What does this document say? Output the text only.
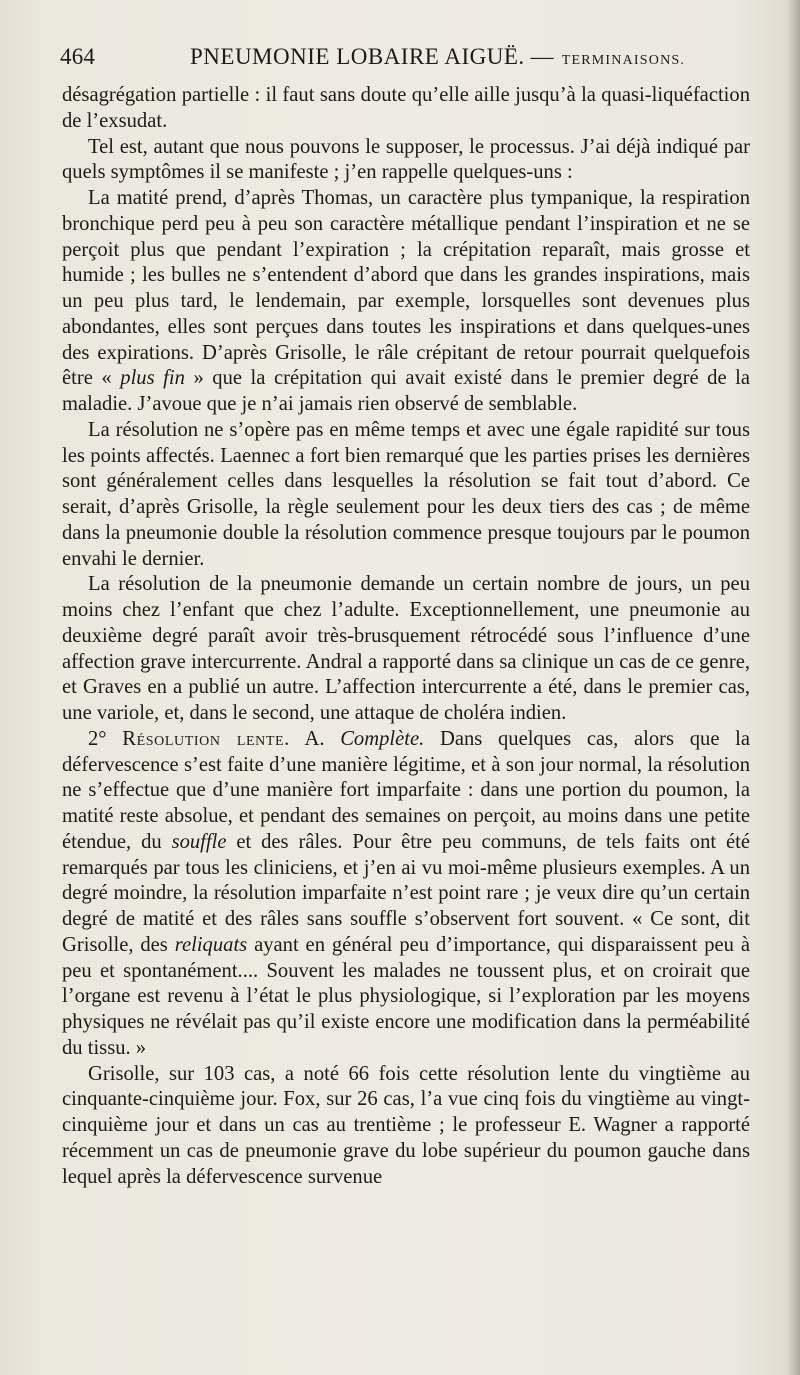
464	PNEUMONIE LOBAIRE AIGUË. — TERMINAISONS.

désagrégation partielle : il faut sans doute qu’elle aille jusqu’à la quasi-liquéfaction de l’exsudat.

Tel est, autant que nous pouvons le supposer, le processus. J’ai déjà indiqué par quels symptômes il se manifeste ; j’en rappelle quelques-uns :

La matité prend, d’après Thomas, un caractère plus tympanique, la respiration bronchique perd peu à peu son caractère métallique pendant l’inspiration et ne se perçoit plus que pendant l’expiration ; la crépitation reparaît, mais grosse et humide ; les bulles ne s’entendent d’abord que dans les grandes inspirations, mais un peu plus tard, le lendemain, par exemple, lorsquelles sont devenues plus abondantes, elles sont perçues dans toutes les inspirations et dans quelques-unes des expirations. D’après Grisolle, le râle crépitant de retour pourrait quelquefois être « plus fin » que la crépitation qui avait existé dans le premier degré de la maladie. J’avoue que je n’ai jamais rien observé de semblable.

La résolution ne s’opère pas en même temps et avec une égale rapidité sur tous les points affectés. Laennec a fort bien remarqué que les parties prises les dernières sont généralement celles dans lesquelles la résolution se fait tout d’abord. Ce serait, d’après Grisolle, la règle seulement pour les deux tiers des cas ; de même dans la pneumonie double la résolution commence presque toujours par le poumon envahi le dernier.

La résolution de la pneumonie demande un certain nombre de jours, un peu moins chez l’enfant que chez l’adulte. Exceptionnellement, une pneumonie au deuxième degré paraît avoir très-brusquement rétrocédé sous l’influence d’une affection grave intercurrente. Andral a rapporté dans sa clinique un cas de ce genre, et Graves en a publié un autre. L’affection intercurrente a été, dans le premier cas, une variole, et, dans le second, une attaque de choléra indien.

2° Résolution lente. A. Complète. Dans quelques cas, alors que la défervescence s’est faite d’une manière légitime, et à son jour normal, la résolution ne s’effectue que d’une manière fort imparfaite : dans une portion du poumon, la matité reste absolue, et pendant des semaines on perçoit, au moins dans une petite étendue, du souffle et des râles. Pour être peu communs, de tels faits ont été remarqués par tous les cliniciens, et j’en ai vu moi-même plusieurs exemples. A un degré moindre, la résolution imparfaite n’est point rare ; je veux dire qu’un certain degré de matité et des râles sans souffle s’observent fort souvent. « Ce sont, dit Grisolle, des reliquats ayant en général peu d’importance, qui disparaissent peu à peu et spontanément.... Souvent les malades ne toussent plus, et on croirait que l’organe est revenu à l’état le plus physiologique, si l’exploration par les moyens physiques ne révélait pas qu’il existe encore une modification dans la perméabilité du tissu. »

Grisolle, sur 103 cas, a noté 66 fois cette résolution lente du vingtième au cinquante-cinquième jour. Fox, sur 26 cas, l’a vue cinq fois du vingtième au vingt-cinquième jour et dans un cas au trentième ; le professeur E. Wagner a rapporté récemment un cas de pneumonie grave du lobe supérieur du poumon gauche dans lequel après la défervescence survenue
